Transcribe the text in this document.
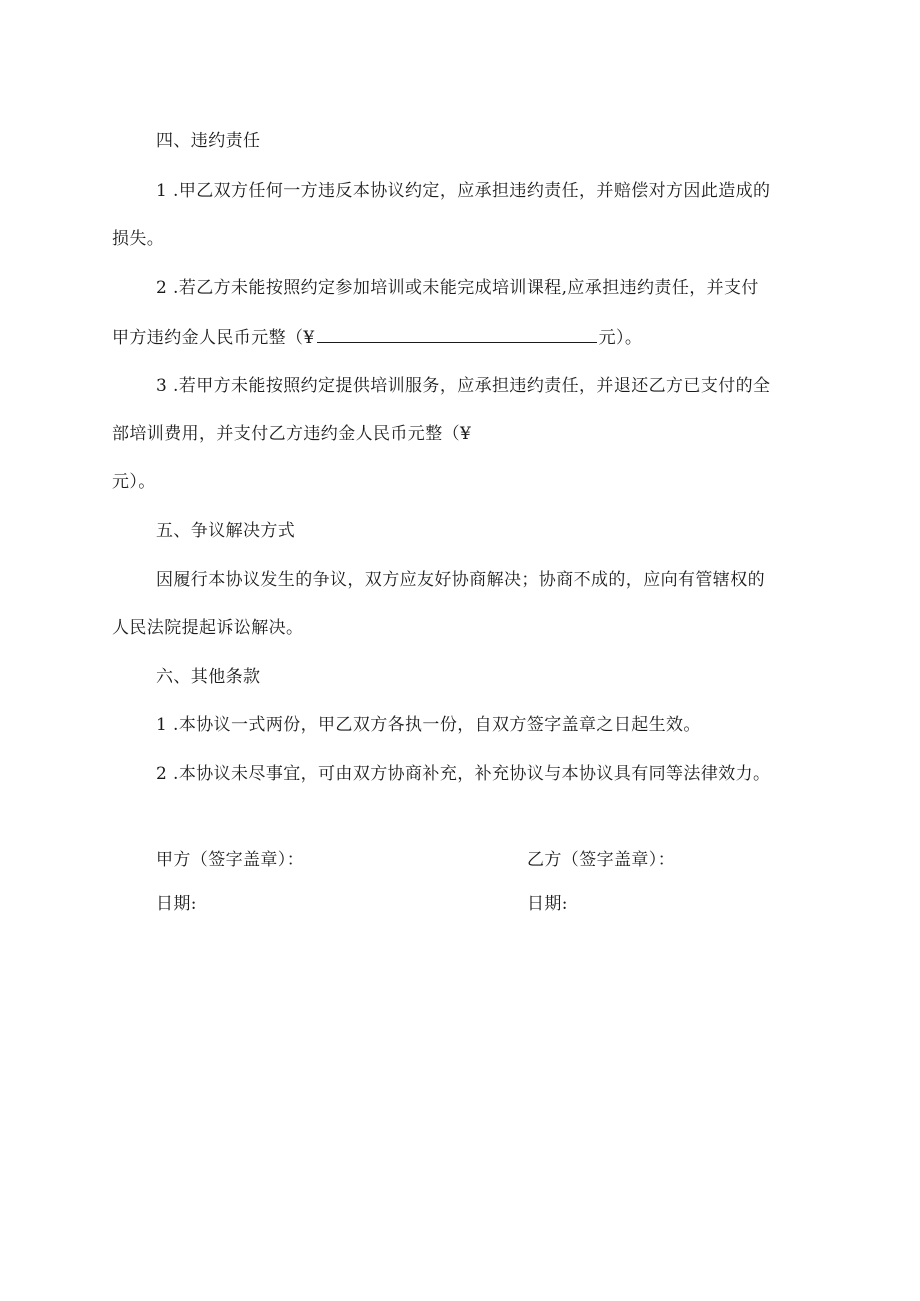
四、违约责任
1 .甲乙双方任何一方违反本协议约定，应承担违约责任，并赔偿对方因此造成的
损失。
2 .若乙方未能按照约定参加培训或未能完成培训课程,应承担违约责任，并支付
甲方违约金人民币元整（¥	元）。
3 .若甲方未能按照约定提供培训服务，应承担违约责任，并退还乙方已支付的全
部培训费用，并支付乙方违约金人民币元整（¥
元）。
五、争议解决方式
因履行本协议发生的争议，双方应友好协商解决；协商不成的，应向有管辖权的
人民法院提起诉讼解决。
六、其他条款
1 .本协议一式两份，甲乙双方各执一份，自双方签字盖章之日起生效。
2 .本协议未尽事宜，可由双方协商补充，补充协议与本协议具有同等法律效力。
甲方（签字盖章）：
日期:
乙方（签字盖章）：
日期:
